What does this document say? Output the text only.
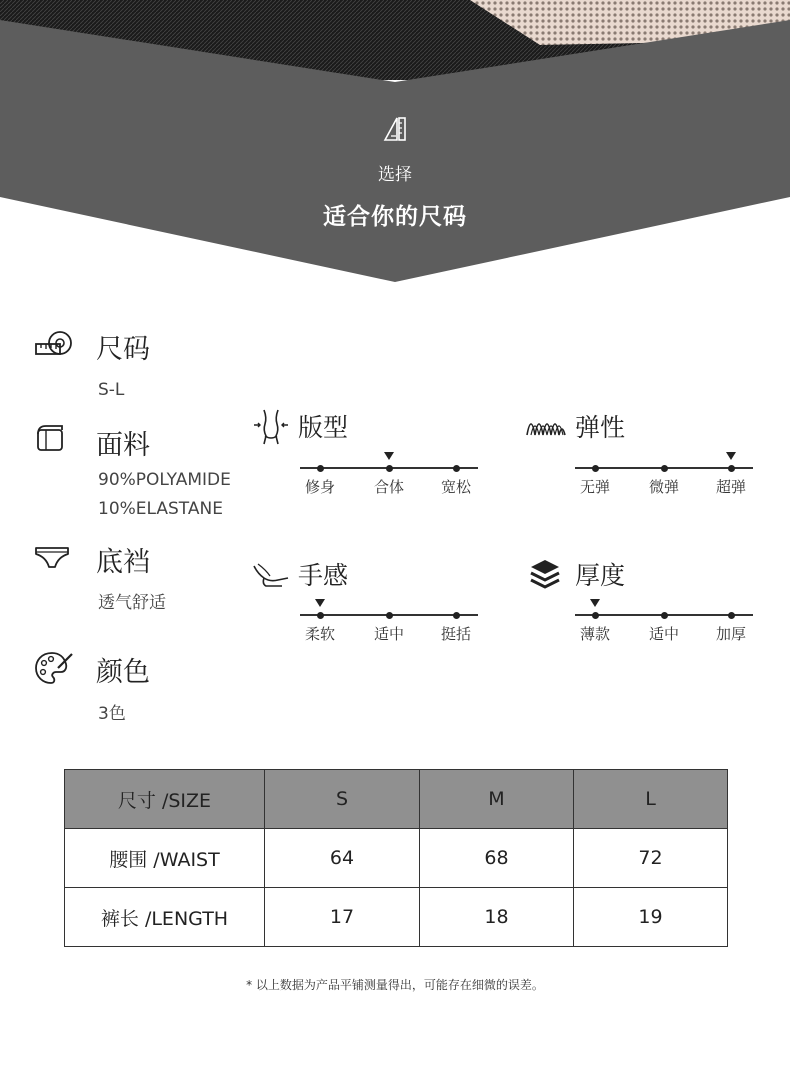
选择
适合你的尺码
尺码
S-L
面料
90%POLYAMIDE
10%ELASTANE
底裆
透气舒适
颜色
3色
版型	弹性
手感	厚度
修身	合体	宽松	无弹	微弹	超弹
柔软	适中	挺括	薄款	适中	加厚
尺寸 /SIZE	S	M	L
腰围 /WAIST	64	68	72
裤长 /LENGTH	17	18	19
* 以上数据为产品平铺测量得出，可能存在细微的误差。
